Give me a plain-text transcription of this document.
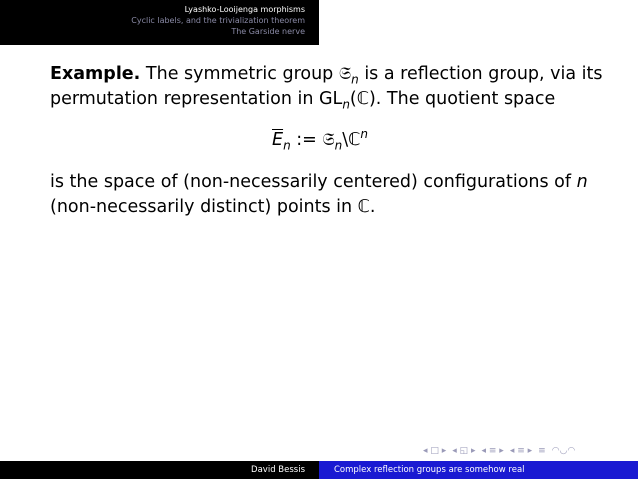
Lyashko-Looijenga morphisms
Cyclic labels, and the trivialization theorem
The Garside nerve

Example. The symmetric group 𝔖$_n$ is a reflection group, via its

permutation representation in $GL_n(ℂ)$. The quotient space

$\overline{E}_n$ := 𝔖$_n$\ℂ$^n$

is the space of (non-necessarily centered) configurations of n

(non-necessarily distinct) points in ℂ.

◂ □ ▸ ◂ ◱ ▸ ◂ ≡ ▸ ◂ ≡ ▸ ≡ ◠◡◠
David Bessis	Complex reflection groups are somehow real
